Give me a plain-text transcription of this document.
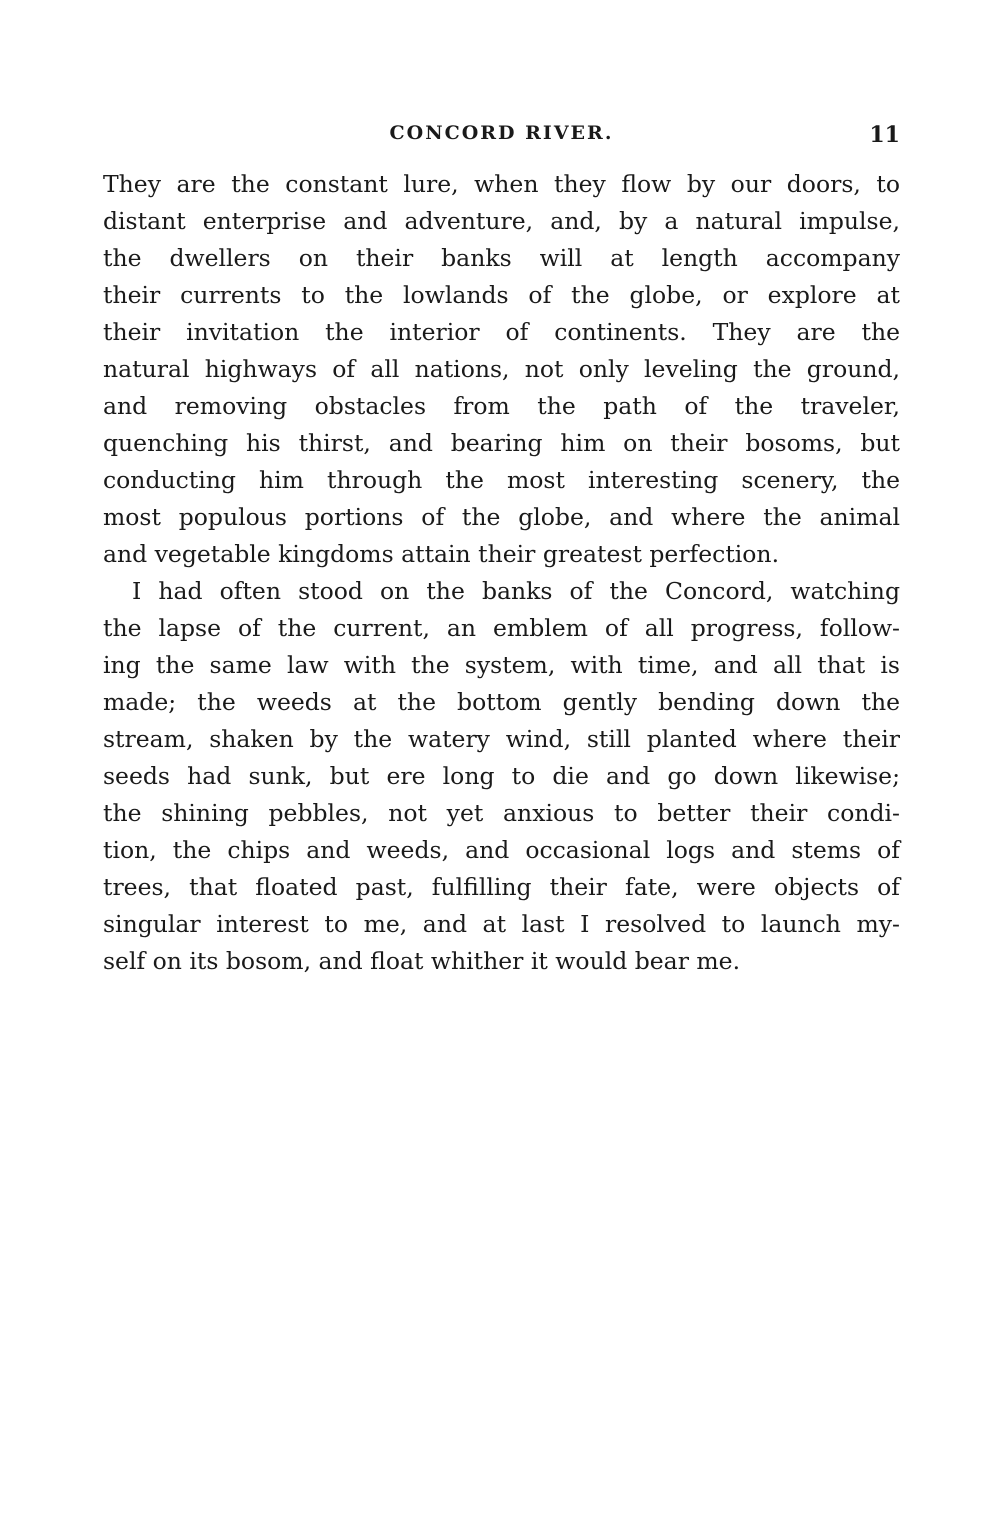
CONCORD RIVER.	11
They are the constant lure, when they flow by our doors, to
distant enterprise and adventure, and, by a natural impulse,
the dwellers on their banks will at length accompany
their currents to the lowlands of the globe, or explore at
their invitation the interior of continents. They are the
natural highways of all nations, not only leveling the ground,
and removing obstacles from the path of the traveler,
quenching his thirst, and bearing him on their bosoms, but
conducting him through the most interesting scenery, the
most populous portions of the globe, and where the animal
and vegetable kingdoms attain their greatest perfection.
I had often stood on the banks of the Concord, watching
the lapse of the current, an emblem of all progress, follow-
ing the same law with the system, with time, and all that is
made; the weeds at the bottom gently bending down the
stream, shaken by the watery wind, still planted where their
seeds had sunk, but ere long to die and go down likewise;
the shining pebbles, not yet anxious to better their condi-
tion, the chips and weeds, and occasional logs and stems of
trees, that floated past, fulfilling their fate, were objects of
singular interest to me, and at last I resolved to launch my-
self on its bosom, and float whither it would bear me.
